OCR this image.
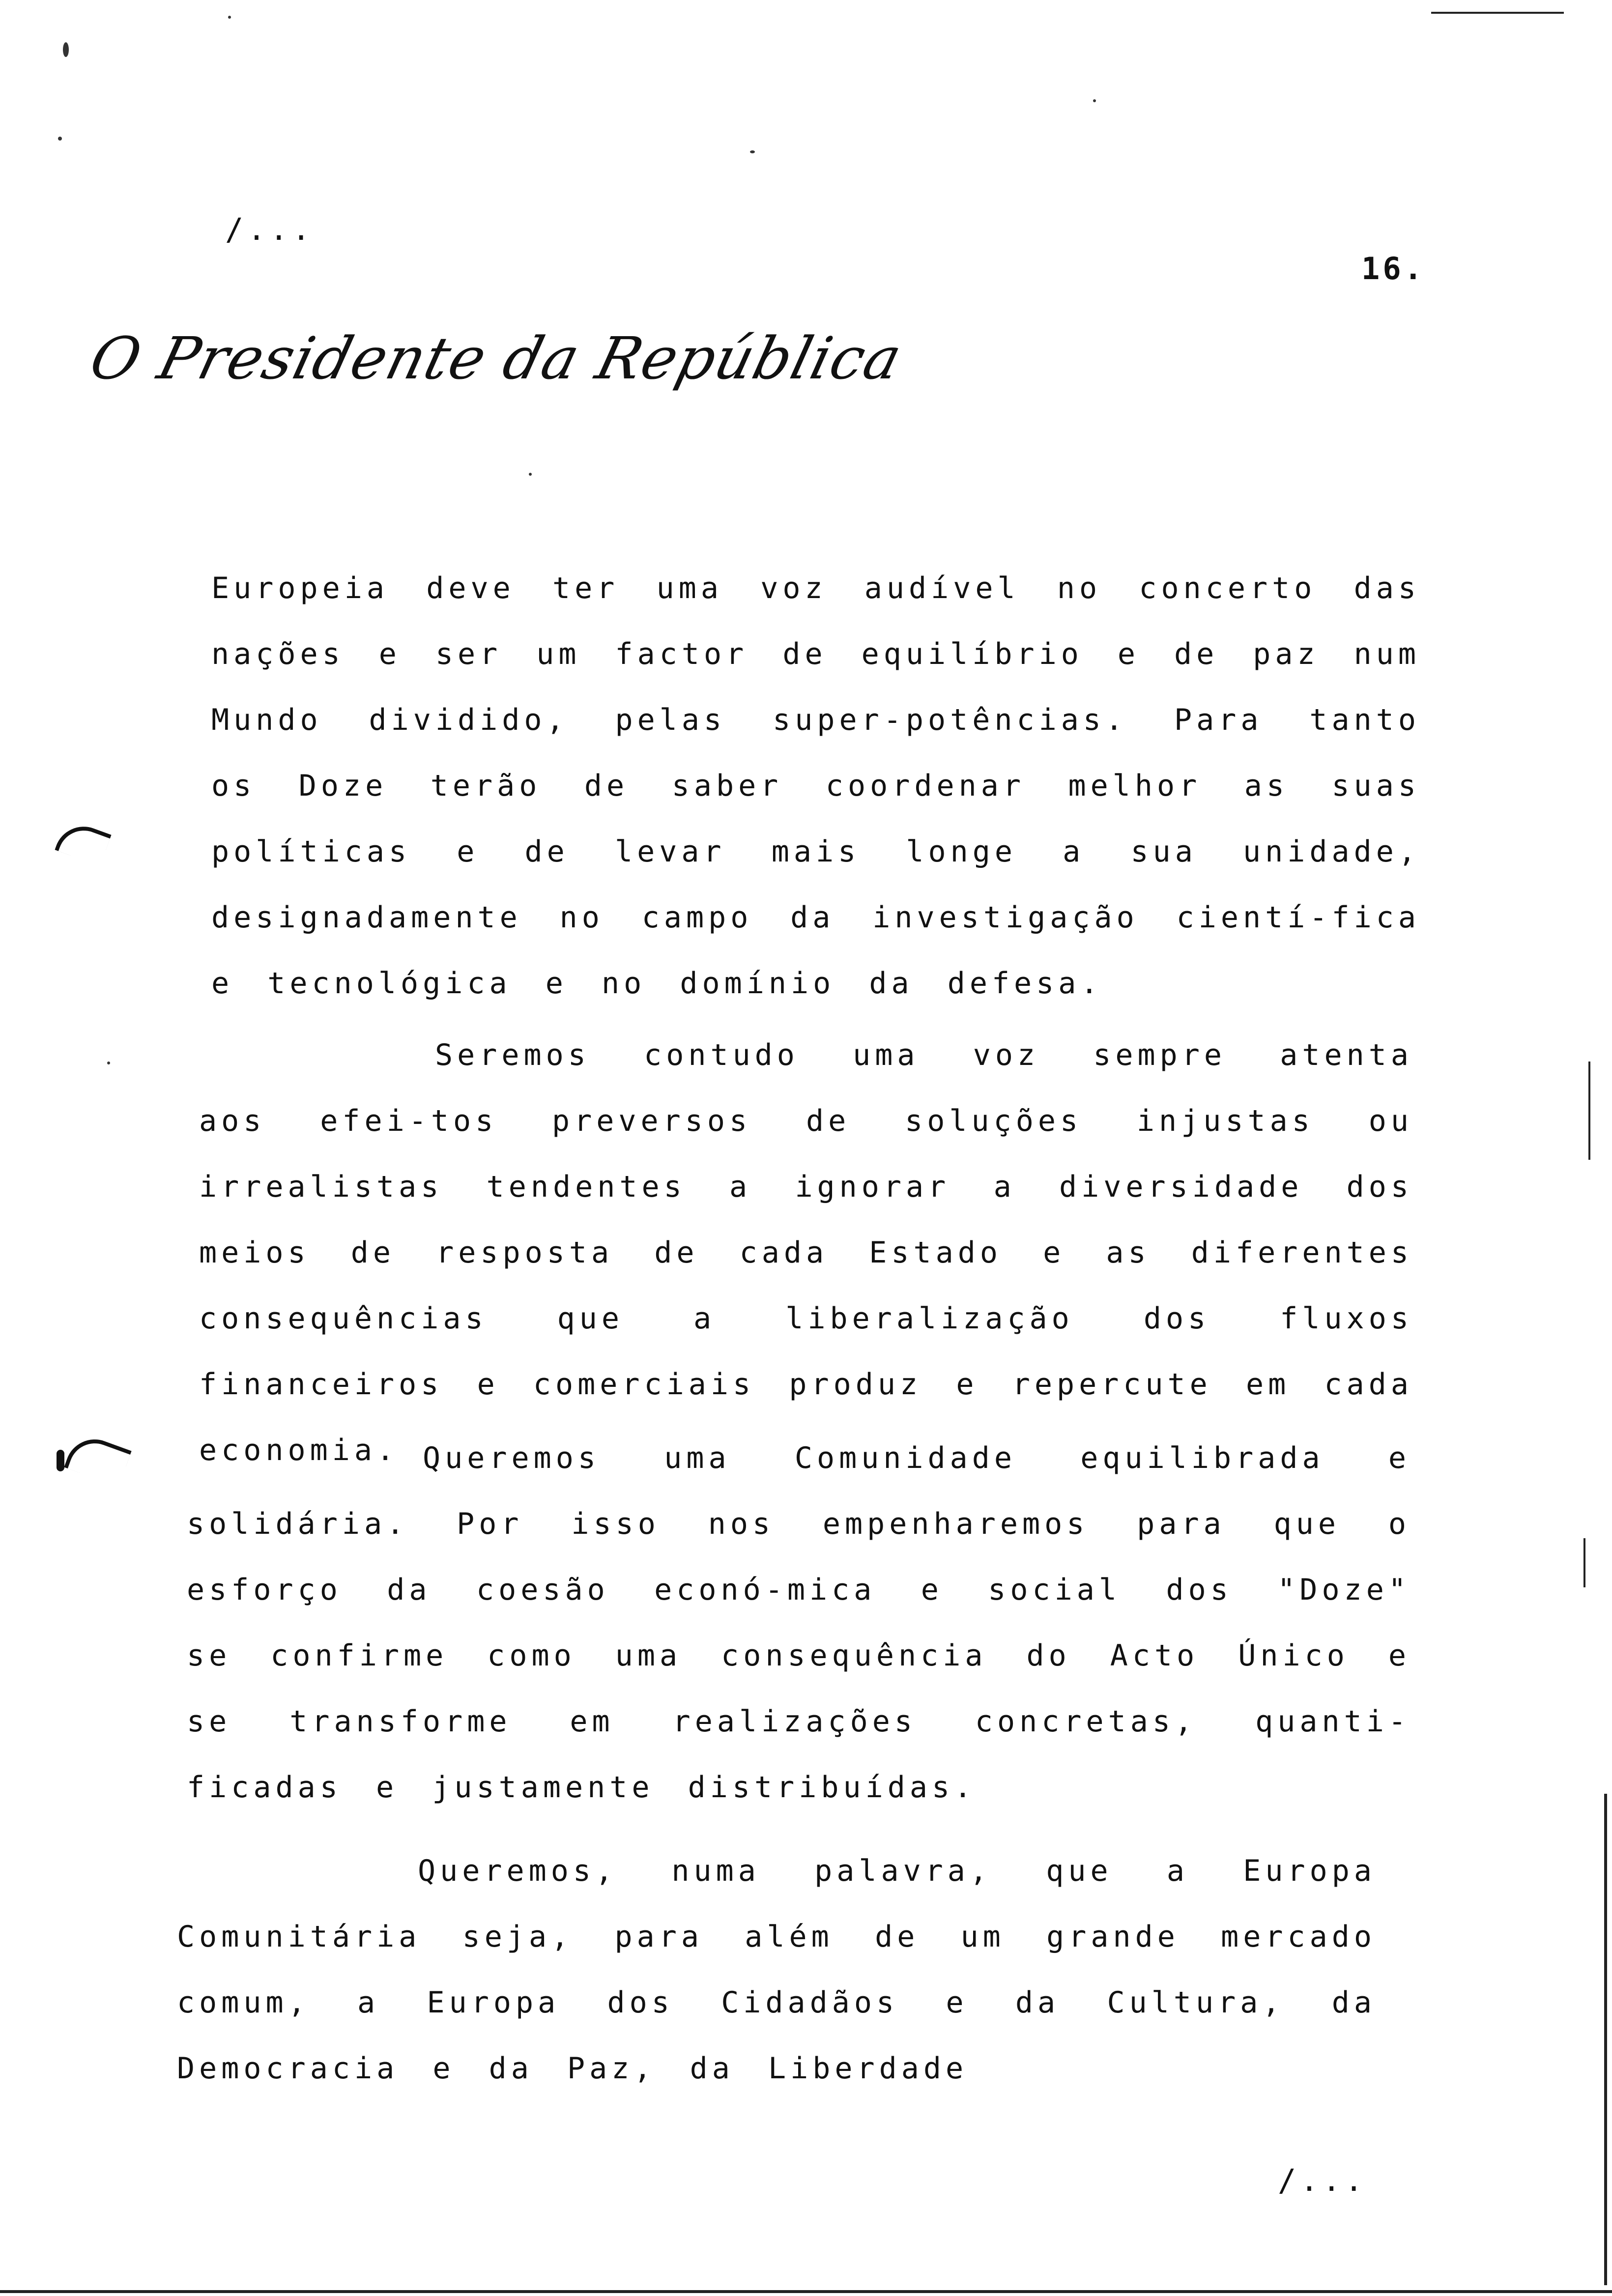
/...
16.
O Presidente da República

Europeia deve ter uma voz audível no concerto das nações e ser um factor de equilíbrio e de paz num Mundo dividido, pelas super-potências. Para tanto os Doze terão de saber coordenar melhor as suas políticas e de levar mais longe a sua unidade, designadamente no campo da investigação cientí-fica e tecnológica e no domínio da defesa.

Seremos contudo uma voz sempre atenta aos efei-tos preversos de soluções injustas ou irrealistas tendentes a ignorar a diversidade dos meios de resposta de cada Estado e as diferentes consequências que a liberalização dos fluxos financeiros e comerciais produz e repercute em cada economia. Queremos uma Comunidade equilibrada e solidária. Por isso nos empenharemos para que o esforço da coesão econó-mica e social dos "Doze" se confirme como uma consequência do Acto Único e se transforme em realizações concretas, quanti-ficadas e justamente distribuídas.

Queremos, numa palavra, que a Europa Comunitária seja, para além de um grande mercado comum, a Europa dos Cidadãos e da Cultura, da Democracia e da Paz, da Liberdade

/...
